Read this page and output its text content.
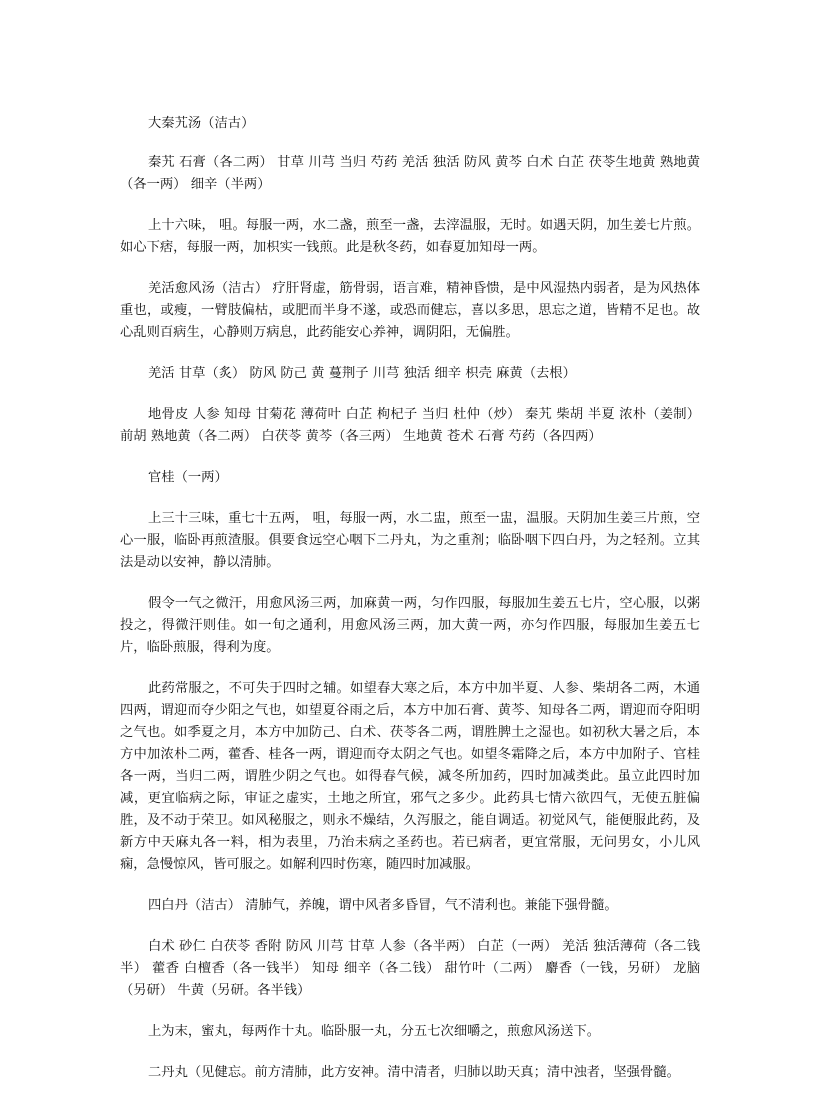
大秦艽汤（洁古）

秦艽 石膏（各二两） 甘草 川芎 当归 芍药 羌活 独活 防风 黄芩 白术 白芷 茯苓生地黄 熟地黄（各一两） 细辛（半两）

上十六味， 咀。每服一两，水二盏，煎至一盏，去滓温服，无时。如遇天阴，加生姜七片煎。如心下痞，每服一两，加枳实一钱煎。此是秋冬药，如春夏加知母一两。

羌活愈风汤（洁古） 疗肝肾虚，筋骨弱，语言难，精神昏愦，是中风湿热内弱者，是为风热体重也，或瘦，一臂肢偏枯，或肥而半身不遂，或恐而健忘，喜以多思，思忘之道，皆精不足也。故心乱则百病生，心静则万病息，此药能安心养神，调阴阳，无偏胜。

羌活 甘草（炙） 防风 防己 黄 蔓荆子 川芎 独活 细辛 枳壳 麻黄（去根）

地骨皮 人参 知母 甘菊花 薄荷叶 白芷 枸杞子 当归 杜仲（炒） 秦艽 柴胡 半夏 浓朴（姜制） 前胡 熟地黄（各二两） 白茯苓 黄芩（各三两） 生地黄 苍术 石膏 芍药（各四两）

官桂（一两）

上三十三味，重七十五两， 咀，每服一两，水二盅，煎至一盅，温服。天阴加生姜三片煎，空心一服，临卧再煎渣服。俱要食远空心咽下二丹丸，为之重剂；临卧咽下四白丹，为之轻剂。立其法是动以安神，静以清肺。

假令一气之微汗，用愈风汤三两，加麻黄一两，匀作四服，每服加生姜五七片，空心服，以粥投之，得微汗则佳。如一旬之通利，用愈风汤三两，加大黄一两，亦匀作四服，每服加生姜五七片，临卧煎服，得利为度。

此药常服之，不可失于四时之辅。如望春大寒之后，本方中加半夏、人参、柴胡各二两，木通四两，谓迎而夺少阳之气也，如望夏谷雨之后，本方中加石膏、黄芩、知母各二两，谓迎而夺阳明之气也。如季夏之月，本方中加防己、白术、茯苓各二两，谓胜脾土之湿也。如初秋大暑之后，本方中加浓朴二两，藿香、桂各一两，谓迎而夺太阴之气也。如望冬霜降之后，本方中加附子、官桂各一两，当归二两，谓胜少阴之气也。如得春气候，减冬所加药，四时加减类此。虽立此四时加减，更宜临病之际，审证之虚实，土地之所宜，邪气之多少。此药具七情六欲四气，无使五脏偏胜，及不动于荣卫。如风秘服之，则永不燥结，久泻服之，能自调适。初觉风气，能便服此药，及新方中天麻丸各一料，相为表里，乃治未病之圣药也。若已病者，更宜常服，无问男女，小儿风痫，急慢惊风，皆可服之。如解利四时伤寒，随四时加减服。

四白丹（洁古） 清肺气，养魄，谓中风者多昏冒，气不清利也。兼能下强骨髓。

白术 砂仁 白茯苓 香附 防风 川芎 甘草 人参（各半两） 白芷（一两） 羌活 独活薄荷（各二钱半） 藿香 白檀香（各一钱半） 知母 细辛（各二钱） 甜竹叶（二两） 麝香（一钱，另研） 龙脑（另研） 牛黄（另研。各半钱）

上为末，蜜丸，每两作十丸。临卧服一丸，分五七次细嚼之，煎愈风汤送下。

二丹丸（见健忘。前方清肺，此方安神。清中清者，归肺以助天真；清中浊者，坚强骨髓。
